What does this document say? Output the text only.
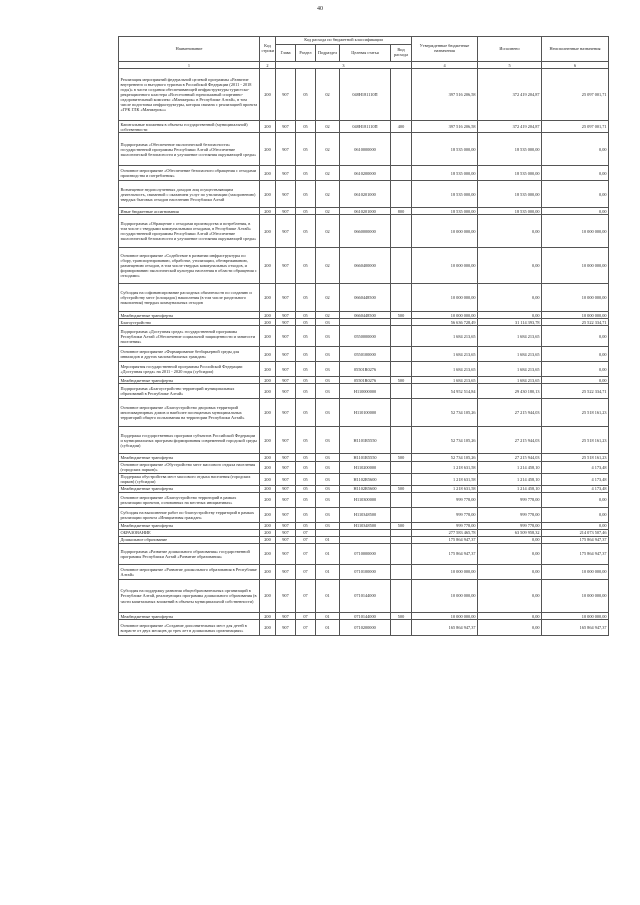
40
Наименование	Код строки	Код расхода по бюджетной классификации					Утвержденные бюджетные назначения	Исполнено	Неисполненные назначения
		Глава	Раздел	Подраздел	Целевая статья	Вид расхода			
1	2	3					4	5	6
Реализация мероприятий федеральной целевой программы «Развитие внутреннего и въездного туризма в Российской Федерации (2011 - 2018 годы)» в части создания обеспечивающей инфраструктуры туристско-рекреационного кластера «Всесезонный горнолыжный спортивно-оздоровительный комплекс «Манжерок» в Республике Алтай», в том числе подготовка инфраструктуры, которая связана с реализацией проекта «ГРК ГЛК «Манжерок»»	200	907	05	02	048Н181110П		397 516 206,58	372 419 204,87	25 097 001,71
Капитальные вложения в объекты государственной (муниципальной) собственности	200	907	05	02	048Н181110П	400	397 516 206,58	372 419 204,87	25 097 001,71
Подпрограмма «Обеспечение экологической безопасности» государственной программы Республики Алтай «Обеспечение экологической безопасности и улучшение состояния окружающей среды»	200	907	05	02	0610000000		18 535 000,00	18 535 000,00	0,00
Основное мероприятие «Обеспечение безопасного обращения с отходами производства и потребления»	200	907	05	02	0610200000		18 535 000,00	18 535 000,00	0,00
Возмещение недополученных доходов лиц осуществляющим деятельность, связанной с оказанием услуг по утилизации (захоронению) твердых бытовых отходов населению Республики Алтай	200	907	05	02	0610201000		18 535 000,00	18 535 000,00	0,00
Иные бюджетные ассигнования	200	907	05	02	0610201000	800	18 535 000,00	18 535 000,00	0,00
Подпрограмма «Обращение с отходами производства и потребления, в том числе с твердыми коммунальными отходами, в Республике Алтай» государственной программы Республики Алтай «Обеспечение экологической безопасности и улучшение состояния окружающей среды»	200	907	05	02	0660000000		10 000 000,00	0,00	10 000 000,00
Основное мероприятие «Содействие в развитии инфраструктуры по сбору, транспортированию, обработке, утилизации, обезвреживанию, размещению отходов, в том числе твердых коммунальных отходов, и формированию экологической культуры населения в области обращения с отходами»	200	907	05	02	0660400000		10 000 000,00	0,00	10 000 000,00
Субсидия на софинансирование расходных обязательств по созданию и обустройству мест (площадок) накопления (в том числе раздельного накопления) твердых коммунальных отходов	200	907	05	02	0660448500		10 000 000,00	0,00	10 000 000,00
Межбюджетные трансферты	200	907	05	02	0660448500	500	10 000 000,00	0,00	10 000 000,00
Благоустройство	200	907	05	03			56 636 728,49	31 114 393,78	25 522 334,71
Подпрограмма «Доступная среда» государственной программы Республики Алтай «Обеспечение социальной защищенности и занятости населения»	200	907	05	03	0550000000		1 684 213,65	1 684 213,65	0,00
Основное мероприятие «Формирование безбарьерной среды для инвалидов и других маломобильных граждан»	200	907	05	03	0550100000		1 684 213,65	1 684 213,65	0,00
Мероприятия государственной программы Российской Федерации «Доступная среда» на 2011 - 2020 годы (субсидии)	200	907	05	03	05501R0276		1 684 213,65	1 684 213,65	0,00
Межбюджетные трансферты	200	907	05	03	05501R0276	500	1 684 213,65	1 684 213,65	0,00
Подпрограмма «Благоустройство территорий муниципальных образований в Республике Алтай»	200	907	05	03	Н110000000		54 952 514,84	29 430 180,13	25 522 334,71
Основное мероприятие «Благоустройство дворовых территорий многоквартирных домов и наиболее посещаемых муниципальных территорий общего пользования на территории Республики Алтай»	200	907	05	03	Н110100000		52 734 105,26	27 215 944,03	25 518 161,23
Поддержка государственных программ субъектов Российской Федерации и муниципальных программ формирования современной городской среды (субсидии)	200	907	05	03	Н1101R5550		52 734 105,26	27 215 944,03	25 518 161,23
Межбюджетные трансферты	200	907	05	03	Н1101R5550	500	52 734 105,26	27 215 944,03	25 518 161,23
Основное мероприятие «Обустройство мест массового отдыха населения (городских парков)»	200	907	05	03	Н110200000		1 218 631,58	1 214 458,10	4 173,48
Поддержка обустройства мест массового отдыха населения (городских парков) (субсидии)	200	907	05	03	Н1102R5600		1 218 631,58	1 214 458,10	4 173,48
Межбюджетные трансферты	200	907	05	03	Н1102R5600	500	1 218 631,58	1 214 458,10	4 173,48
Основное мероприятие «Благоустройство территорий в рамках реализации проектов, основанных на местных инициативах»	200	907	05	03	Н110300000		999 778,00	999 778,00	0,00
Субсидия на выполнение работ по благоустройству территорий в рамках реализации проекта «Инициативы граждан»	200	907	05	03	Н110348500		999 778,00	999 778,00	0,00
Межбюджетные трансферты	200	907	05	03	Н110348500	500	999 778,00	999 778,00	0,00
ОБРАЗОВАНИЕ	200	907	07				277 583 465,78	63 509 958,32	214 073 507,46
Дошкольное образование	200	907	07	01			175 864 947,37	0,00	175 864 947,37
Подпрограмма «Развитие дошкольного образования» государственной программы Республики Алтай «Развитие образования»	200	907	07	01	0710000000		175 864 947,37	0,00	175 864 947,37
Основное мероприятие «Развитие дошкольного образования в Республике Алтай»	200	907	07	01	0710100000		10 000 000,00	0,00	10 000 000,00
Субсидия на поддержку развития общеобразовательных организаций в Республике Алтай, реализующих программы дошкольного образования (в части капитальных вложений в объекты муниципальной собственности)	200	907	07	01	0710144000		10 000 000,00	0,00	10 000 000,00
Межбюджетные трансферты	200	907	07	01	0710144000	500	10 000 000,00	0,00	10 000 000,00
Основное мероприятие «Создание дополнительных мест для детей в возрасте от двух месяцев до трех лет в дошкольных организациях»	200	907	07	01	0710200000		165 864 947,37	0,00	165 864 947,37
